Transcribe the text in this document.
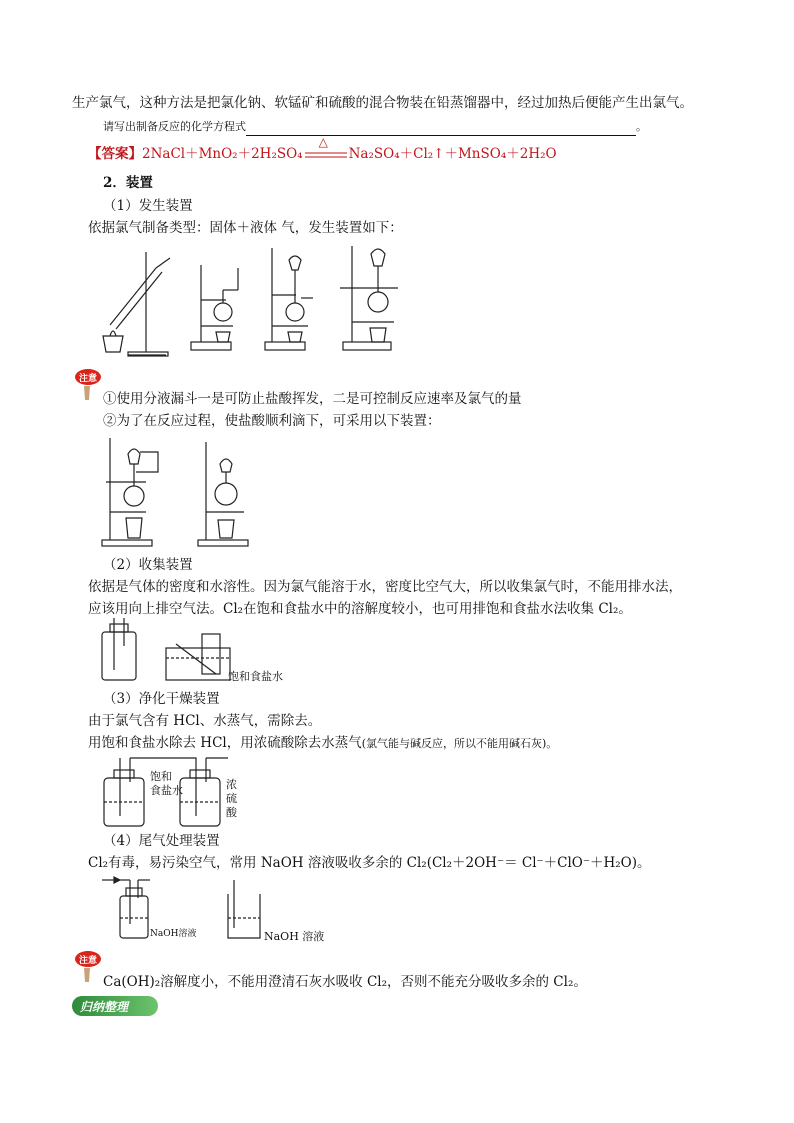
生产氯气，这种方法是把氯化钠、软锰矿和硫酸的混合物装在铅蒸馏器中，经过加热后便能产生出氯气。
请写出制备反应的化学方程式	。
【答案】2NaCl＋MnO₂＋2H₂SO₄
△
Na₂SO₄＋Cl₂↑＋MnSO₄＋2H₂O
2．装置
（1）发生装置
依据氯气制备类型：固体＋液体 气，发生装置如下：
注意
①使用分液漏斗一是可防止盐酸挥发，二是可控制反应速率及氯气的量
②为了在反应过程，使盐酸顺利滴下，可采用以下装置：
（2）收集装置
依据是气体的密度和水溶性。因为氯气能溶于水，密度比空气大，所以收集氯气时，不能用排水法，
应该用向上排空气法。Cl₂在饱和食盐水中的溶解度较小，也可用排饱和食盐水法收集 Cl₂。
饱和食盐水
（3）净化干燥装置
由于氯气含有 HCl、水蒸气，需除去。
用饱和食盐水除去 HCl，用浓硫酸除去水蒸气(氯气能与碱反应，所以不能用碱石灰)。
饱和
食盐水	浓
硫
酸
（4）尾气处理装置
Cl₂有毒，易污染空气，常用 NaOH 溶液吸收多余的 Cl₂(Cl₂＋2OH⁻＝ Cl⁻＋ClO⁻＋H₂O)。
NaOH溶液	NaOH 溶液
注意
Ca(OH)₂溶解度小，不能用澄清石灰水吸收 Cl₂，否则不能充分吸收多余的 Cl₂。
归纳整理
